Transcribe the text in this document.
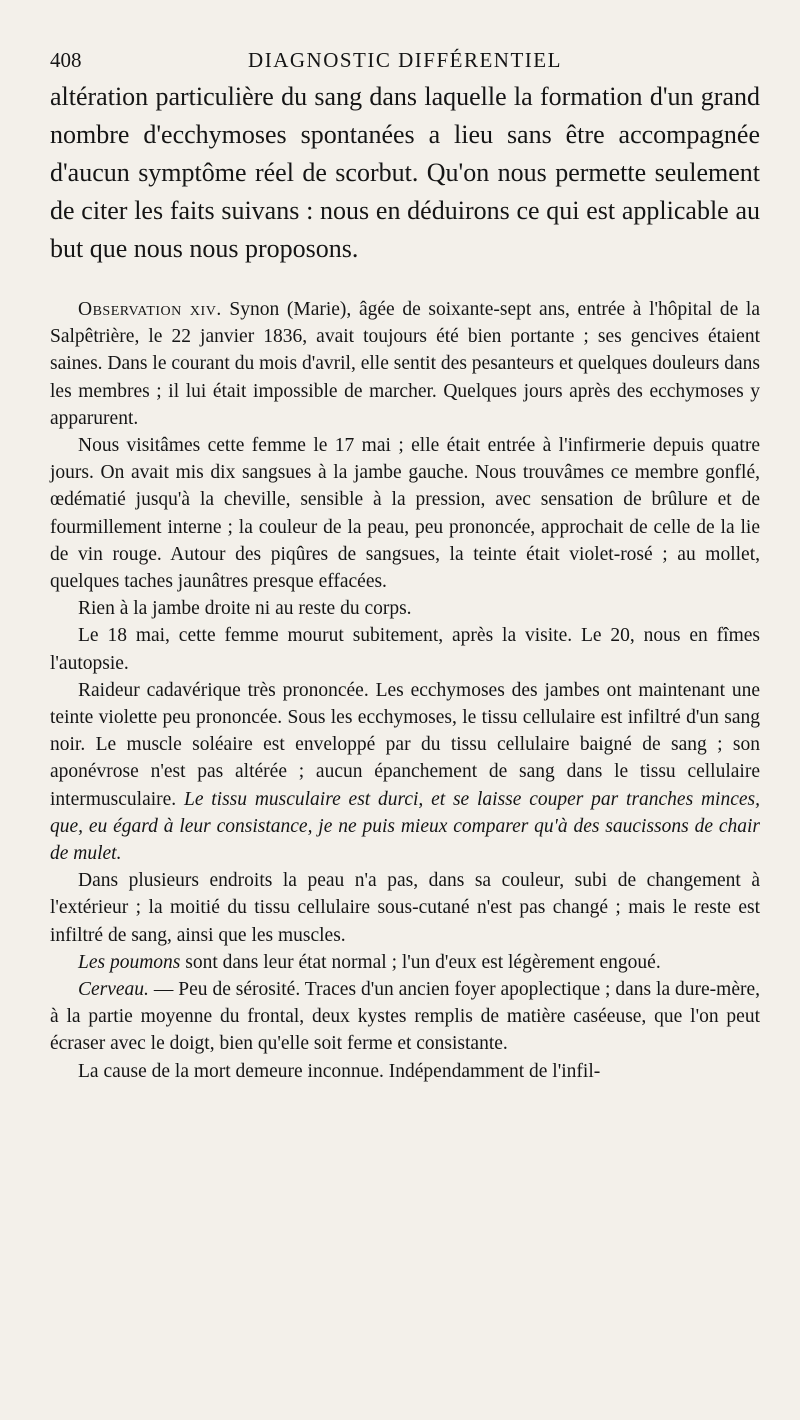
408	DIAGNOSTIC DIFFÉRENTIEL

altération particulière du sang dans laquelle la formation d'un grand nombre d'ecchymoses spontanées a lieu sans être accompagnée d'aucun symptôme réel de scorbut. Qu'on nous permette seulement de citer les faits suivans : nous en déduirons ce qui est applicable au but que nous nous proposons.

Observation xiv. Synon (Marie), âgée de soixante-sept ans, entrée à l'hôpital de la Salpêtrière, le 22 janvier 1836, avait toujours été bien portante ; ses gencives étaient saines. Dans le courant du mois d'avril, elle sentit des pesanteurs et quelques douleurs dans les membres ; il lui était impossible de marcher. Quelques jours après des ecchymoses y apparurent.

Nous visitâmes cette femme le 17 mai ; elle était entrée à l'infirmerie depuis quatre jours. On avait mis dix sangsues à la jambe gauche. Nous trouvâmes ce membre gonflé, œdématié jusqu'à la cheville, sensible à la pression, avec sensation de brûlure et de fourmillement interne ; la couleur de la peau, peu prononcée, approchait de celle de la lie de vin rouge. Autour des piqûres de sangsues, la teinte était violet-rosé ; au mollet, quelques taches jaunâtres presque effacées.

Rien à la jambe droite ni au reste du corps.

Le 18 mai, cette femme mourut subitement, après la visite. Le 20, nous en fîmes l'autopsie.

Raideur cadavérique très prononcée. Les ecchymoses des jambes ont maintenant une teinte violette peu prononcée. Sous les ecchymoses, le tissu cellulaire est infiltré d'un sang noir. Le muscle soléaire est enveloppé par du tissu cellulaire baigné de sang ; son aponévrose n'est pas altérée ; aucun épanchement de sang dans le tissu cellulaire intermusculaire. Le tissu musculaire est durci, et se laisse couper par tranches minces, que, eu égard à leur consistance, je ne puis mieux comparer qu'à des saucissons de chair de mulet.

Dans plusieurs endroits la peau n'a pas, dans sa couleur, subi de changement à l'extérieur ; la moitié du tissu cellulaire sous-cutané n'est pas changé ; mais le reste est infiltré de sang, ainsi que les muscles.

Les poumons sont dans leur état normal ; l'un d'eux est légèrement engoué.

Cerveau. — Peu de sérosité. Traces d'un ancien foyer apoplectique ; dans la dure-mère, à la partie moyenne du frontal, deux kystes remplis de matière caséeuse, que l'on peut écraser avec le doigt, bien qu'elle soit ferme et consistante.

La cause de la mort demeure inconnue. Indépendamment de l'infil-
